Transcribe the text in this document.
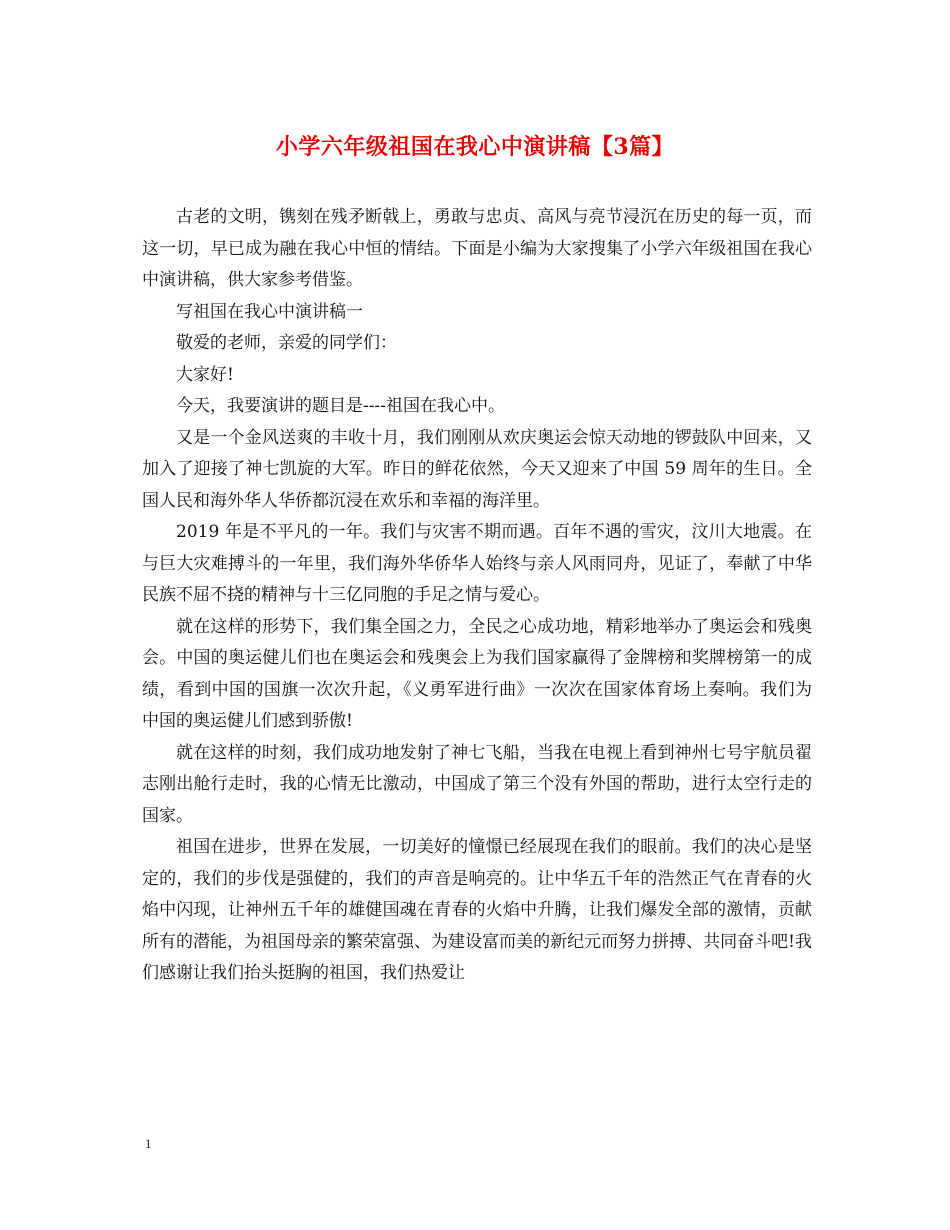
小学六年级祖国在我心中演讲稿【3篇】

古老的文明，镌刻在残矛断戟上，勇敢与忠贞、高风与亮节浸沉在历史的每一页，而这一切，早已成为融在我心中恒的情结。下面是小编为大家搜集了小学六年级祖国在我心中演讲稿，供大家参考借鉴。

写祖国在我心中演讲稿一

敬爱的老师，亲爱的同学们：

大家好!

今天，我要演讲的题目是----祖国在我心中。

又是一个金风送爽的丰收十月，我们刚刚从欢庆奥运会惊天动地的锣鼓队中回来，又加入了迎接了神七凯旋的大军。昨日的鲜花依然，今天又迎来了中国 59 周年的生日。全国人民和海外华人华侨都沉浸在欢乐和幸福的海洋里。

2019 年是不平凡的一年。我们与灾害不期而遇。百年不遇的雪灾，汶川大地震。在与巨大灾难搏斗的一年里，我们海外华侨华人始终与亲人风雨同舟，见证了，奉献了中华民族不屈不挠的精神与十三亿同胞的手足之情与爱心。

就在这样的形势下，我们集全国之力，全民之心成功地，精彩地举办了奥运会和残奥会。中国的奥运健儿们也在奥运会和残奥会上为我们国家赢得了金牌榜和奖牌榜第一的成绩，看到中国的国旗一次次升起，《义勇军进行曲》一次次在国家体育场上奏响。我们为中国的奥运健儿们感到骄傲!

就在这样的时刻，我们成功地发射了神七飞船，当我在电视上看到神州七号宇航员翟志刚出舱行走时，我的心情无比激动，中国成了第三个没有外国的帮助，进行太空行走的国家。

祖国在进步，世界在发展，一切美好的憧憬已经展现在我们的眼前。我们的决心是坚定的，我们的步伐是强健的，我们的声音是响亮的。让中华五千年的浩然正气在青春的火焰中闪现，让神州五千年的雄健国魂在青春的火焰中升腾，让我们爆发全部的激情，贡献所有的潜能，为祖国母亲的繁荣富强、为建设富而美的新纪元而努力拼搏、共同奋斗吧!我们感谢让我们抬头挺胸的祖国，我们热爱让

1
